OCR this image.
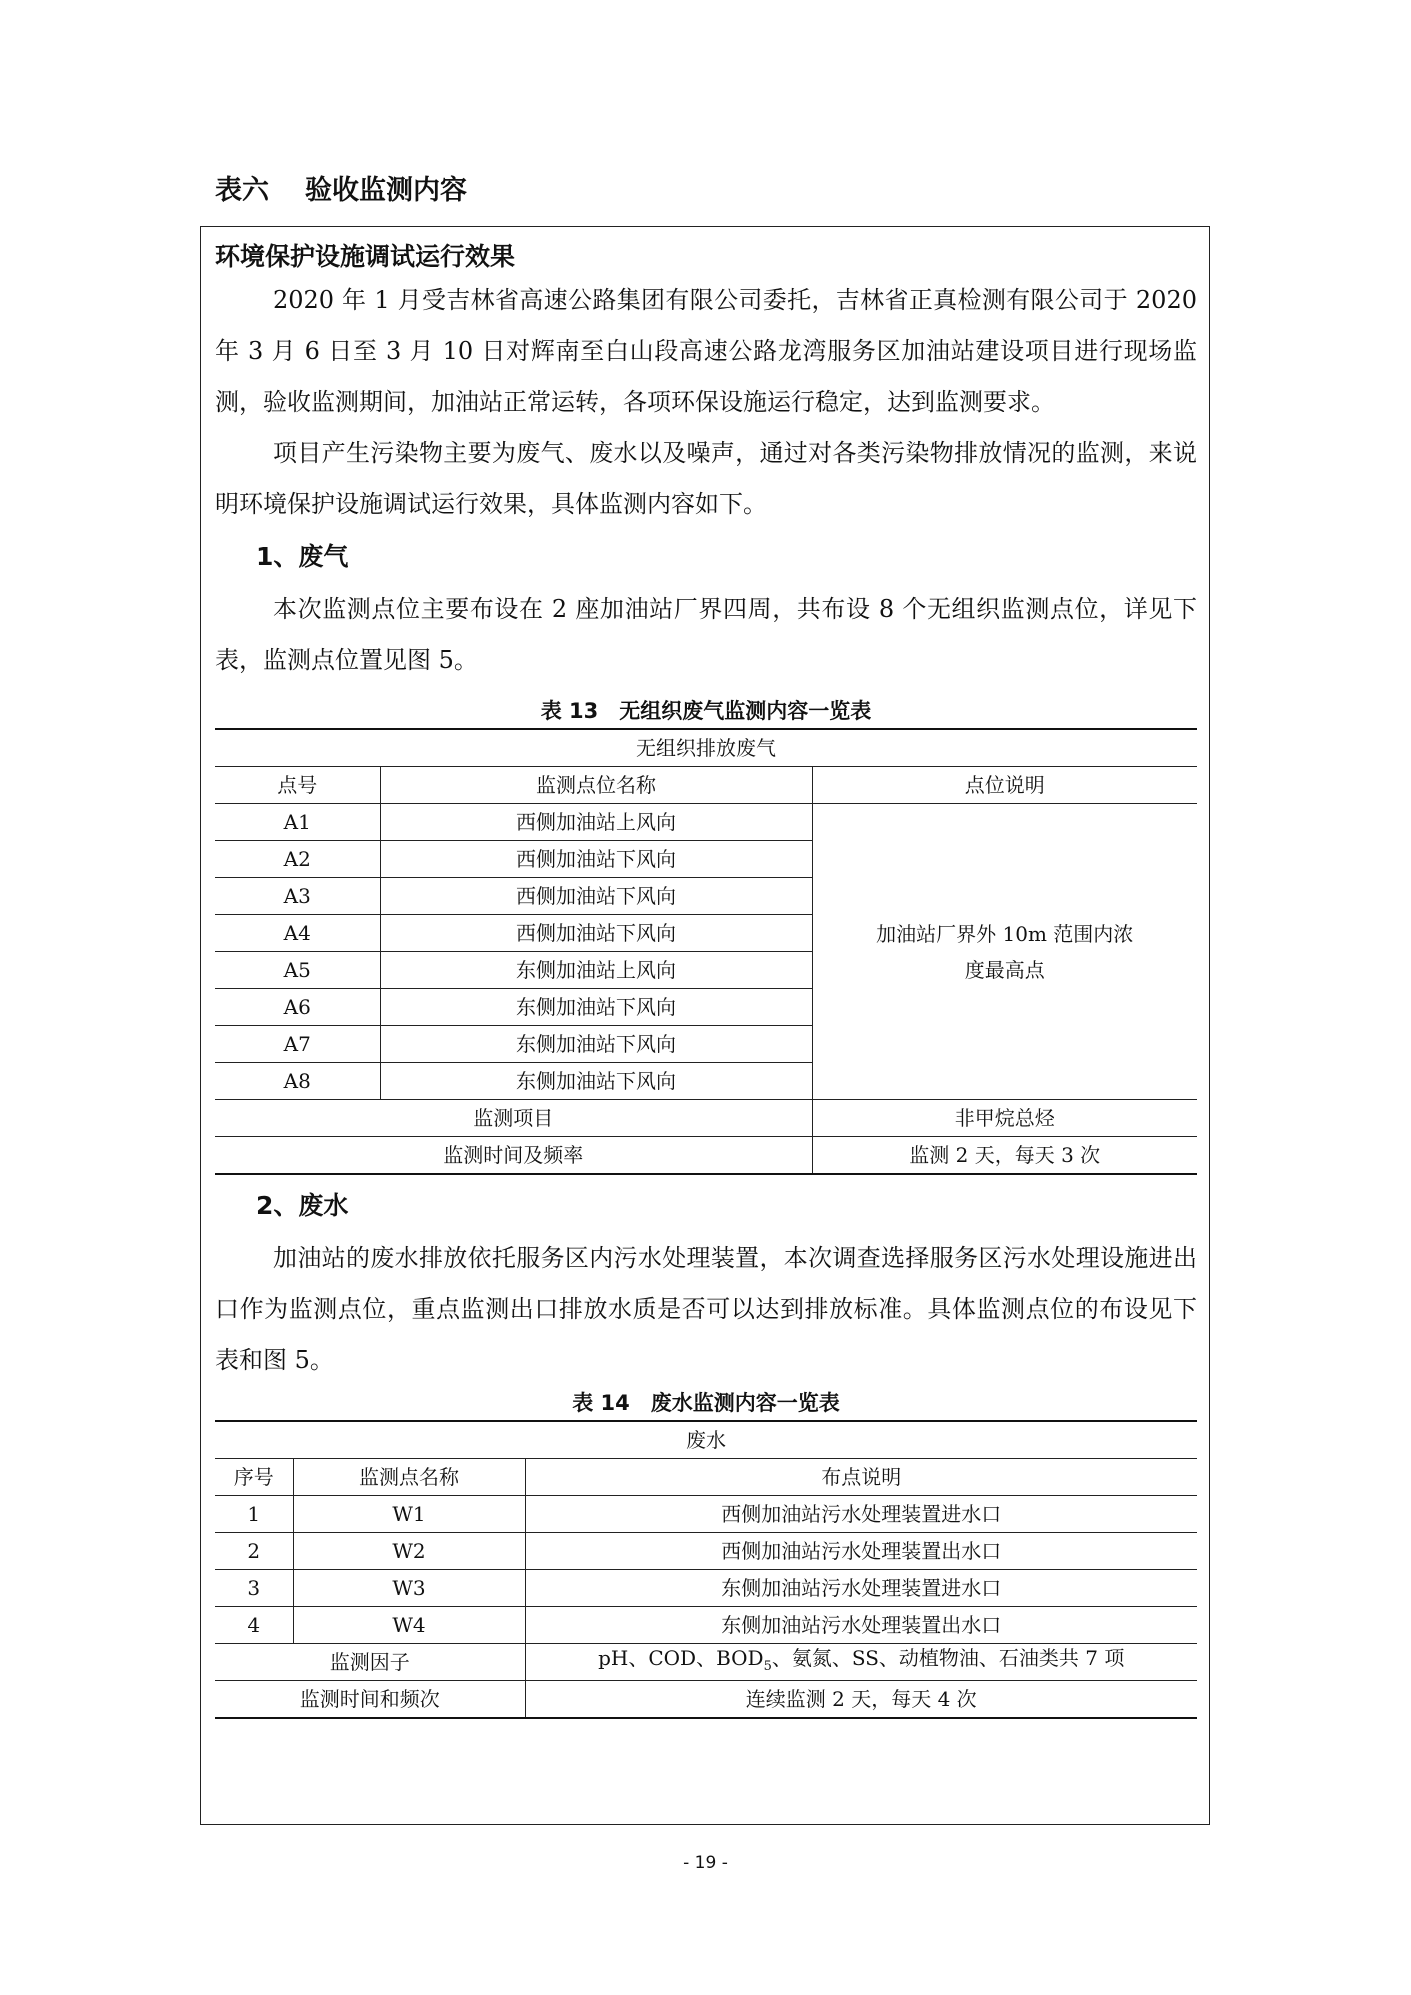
表六 验收监测内容
环境保护设施调试运行效果

2020 年 1 月受吉林省高速公路集团有限公司委托，吉林省正真检测有限公司于 2020 年 3 月 6 日至 3 月 10 日对辉南至白山段高速公路龙湾服务区加油站建设项目进行现场监测，验收监测期间，加油站正常运转，各项环保设施运行稳定，达到监测要求。

项目产生污染物主要为废气、废水以及噪声，通过对各类污染物排放情况的监测，来说明环境保护设施调试运行效果，具体监测内容如下。

1、废气

本次监测点位主要布设在 2 座加油站厂界四周，共布设 8 个无组织监测点位，详见下表，监测点位置见图 5。

表 13　无组织废气监测内容一览表
无组织排放废气		
点号	监测点位名称	点位说明
A1	西侧加油站上风向	加油站厂界外 10m 范围内浓度最高点

A2	西侧加油站下风向	
A3	西侧加油站下风向	
A4	西侧加油站下风向	
A5	东侧加油站上风向	
A6	东侧加油站下风向	
A7	东侧加油站下风向	
A8	东侧加油站下风向	
监测项目		非甲烷总烃
监测时间及频率		监测 2 天，每天 3 次
2、废水

加油站的废水排放依托服务区内污水处理装置，本次调查选择服务区污水处理设施进出口作为监测点位，重点监测出口排放水质是否可以达到排放标准。具体监测点位的布设见下表和图 5。

表 14　废水监测内容一览表
废水		
序号	监测点名称	布点说明
1	W1	西侧加油站污水处理装置进水口
2	W2	西侧加油站污水处理装置出水口
3	W3	东侧加油站污水处理装置进水口
4	W4	东侧加油站污水处理装置出水口
监测因子		pH、COD、$BOD_5$、氨氮、SS、动植物油、石油类共 7 项
监测时间和频次		连续监测 2 天，每天 4 次
- 19 -
